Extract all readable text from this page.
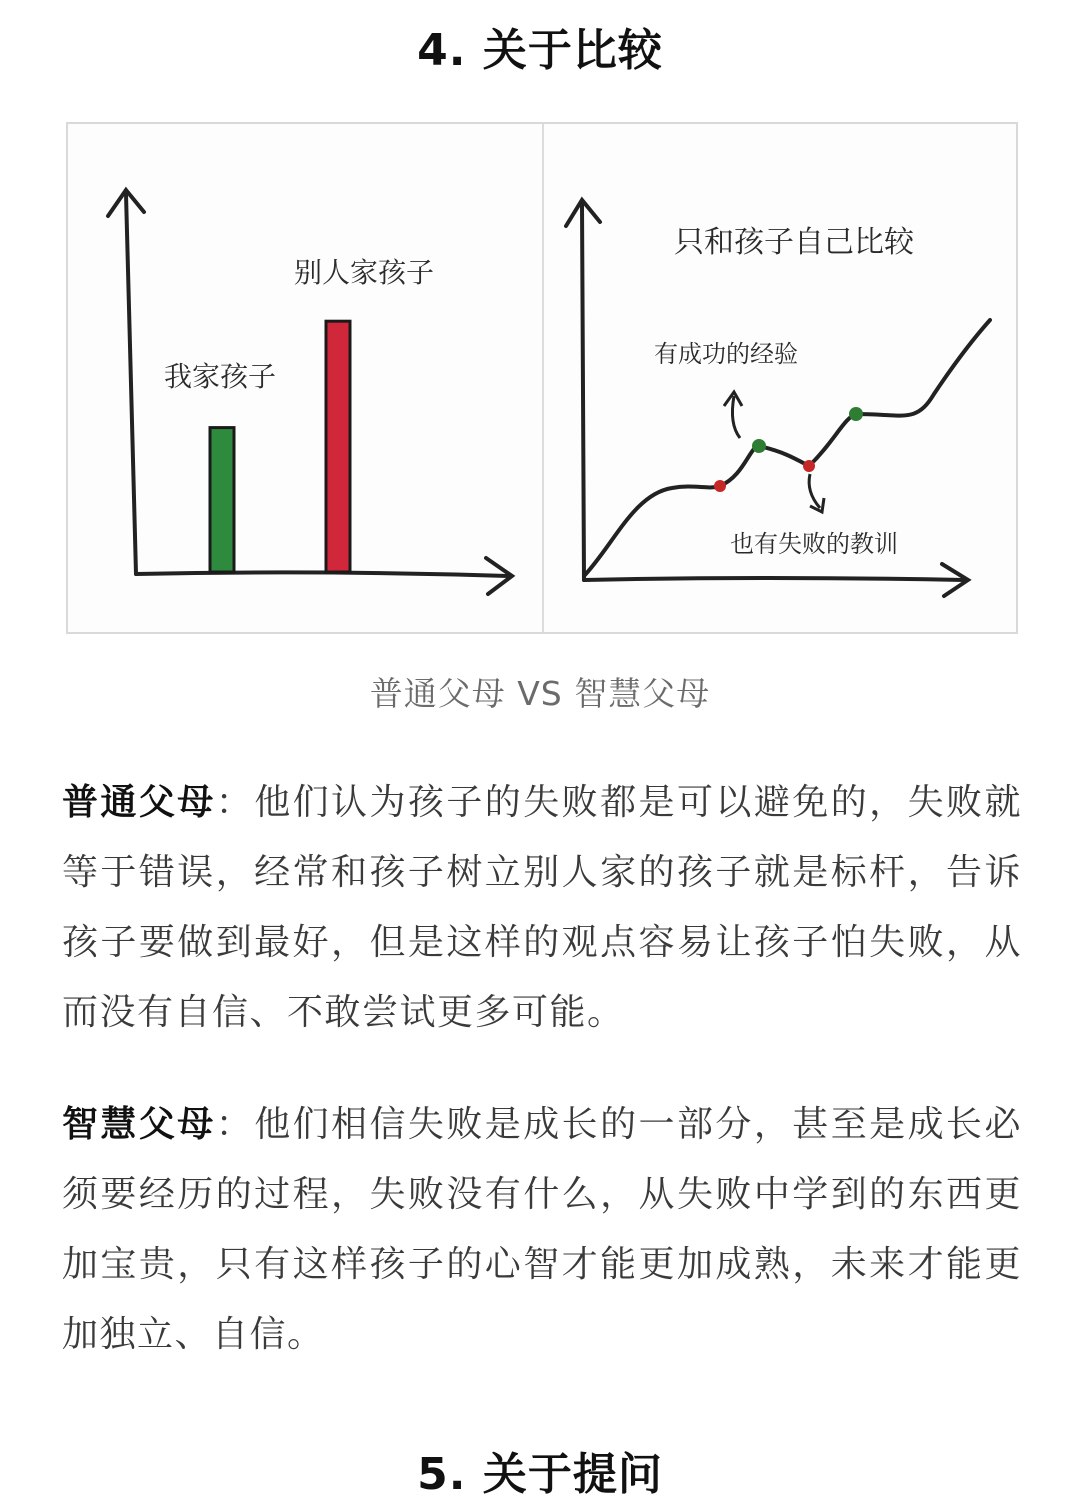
4. 关于比较
我家孩子
别人家孩子
只和孩子自己比较
有成功的经验
也有失败的教训
普通父母 VS 智慧父母

普通父母：他们认为孩子的失败都是可以避免的，失败就等于错误，经常和孩子树立别人家的孩子就是标杆，告诉孩子要做到最好，但是这样的观点容易让孩子怕失败，从而没有自信、不敢尝试更多可能。

智慧父母：他们相信失败是成长的一部分，甚至是成长必须要经历的过程，失败没有什么，从失败中学到的东西更加宝贵，只有这样孩子的心智才能更加成熟，未来才能更加独立、自信。

5. 关于提问
